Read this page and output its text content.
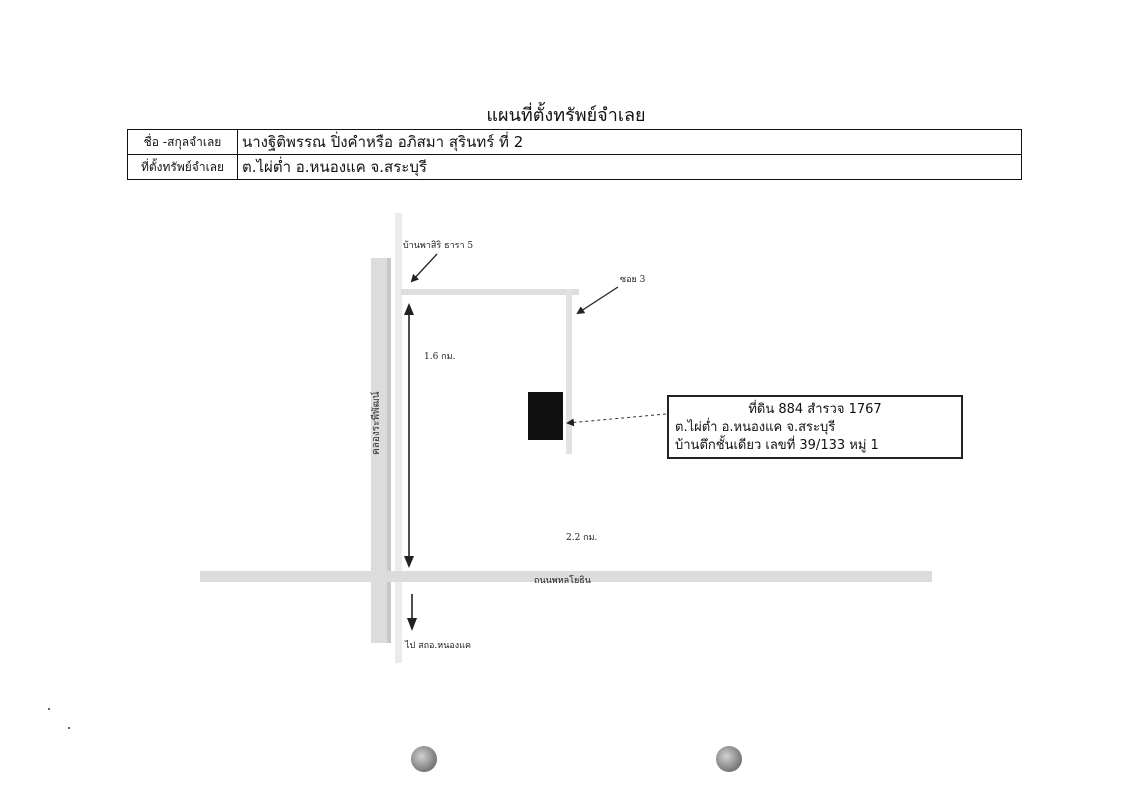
แผนที่ตั้งทรัพย์จำเลย
ชื่อ -สกุลจำเลย	นางฐิติพรรณ ปิ่งคำหรือ อภิสมา สุรินทร์ ที่ 2
ที่ตั้งทรัพย์จำเลย	ต.ไผ่ต่ำ อ.หนองแค จ.สระบุรี
บ้านพาสิริ ธารา 5
ซอย 3
1.6 กม.
คลองระพีพัฒน์
2.2 กม.
ถนนพหลโยธิน
ไป สถอ.หนองแค
ที่ดิน 884 สำรวจ 1767
ต.ไผ่ต่ำ อ.หนองแค จ.สระบุรี
บ้านตึกชั้นเดียว เลขที่ 39/133 หมู่ 1
